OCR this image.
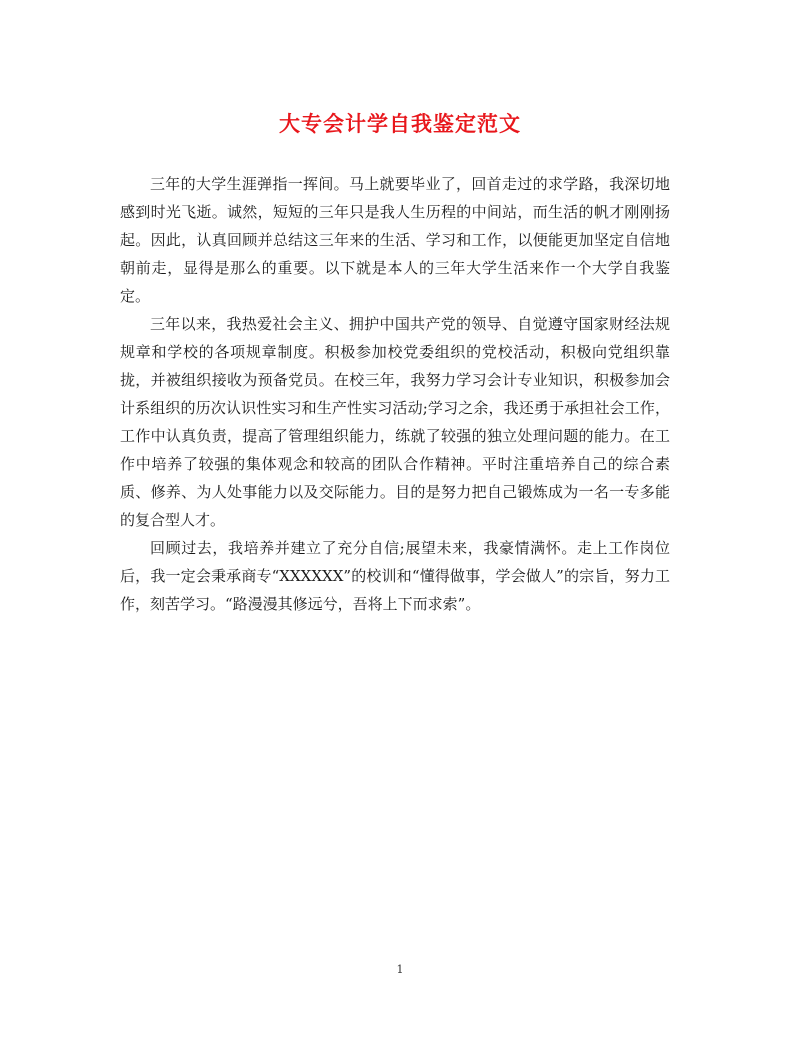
大专会计学自我鉴定范文

三年的大学生涯弹指一挥间。马上就要毕业了，回首走过的求学路，我深切地感到时光飞逝。诚然，短短的三年只是我人生历程的中间站，而生活的帆才刚刚扬起。因此，认真回顾并总结这三年来的生活、学习和工作，以便能更加坚定自信地朝前走，显得是那么的重要。以下就是本人的三年大学生活来作一个大学自我鉴定。

三年以来，我热爱社会主义、拥护中国共产党的领导、自觉遵守国家财经法规规章和学校的各项规章制度。积极参加校党委组织的党校活动，积极向党组织靠拢，并被组织接收为预备党员。在校三年，我努力学习会计专业知识，积极参加会计系组织的历次认识性实习和生产性实习活动;学习之余，我还勇于承担社会工作，工作中认真负责，提高了管理组织能力，练就了较强的独立处理问题的能力。在工作中培养了较强的集体观念和较高的团队合作精神。平时注重培养自己的综合素质、修养、为人处事能力以及交际能力。目的是努力把自己锻炼成为一名一专多能的复合型人才。

回顾过去，我培养并建立了充分自信;展望未来，我豪情满怀。走上工作岗位后，我一定会秉承商专“XXXXXX”的校训和“懂得做事，学会做人”的宗旨，努力工作，刻苦学习。“路漫漫其修远兮，吾将上下而求索”。

1
